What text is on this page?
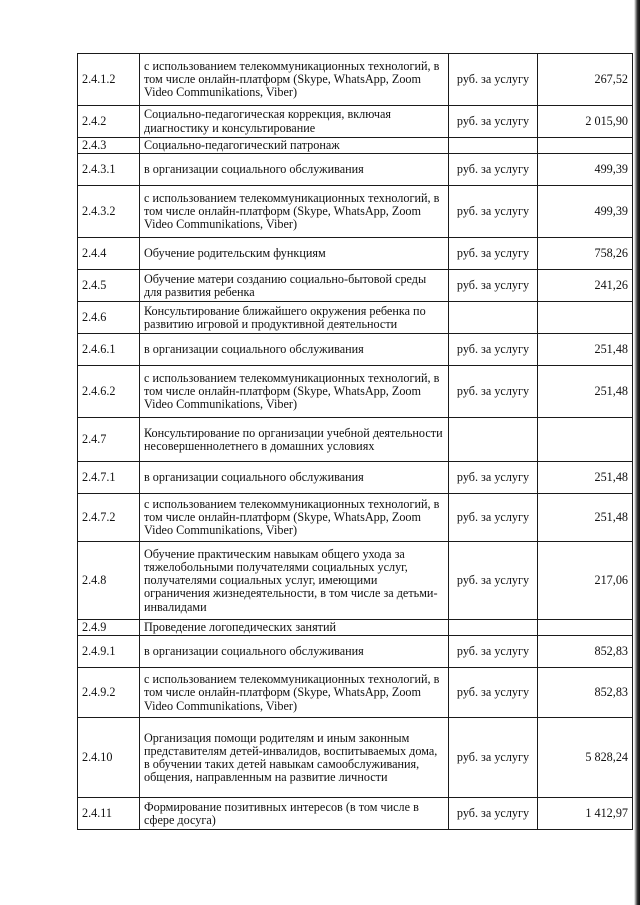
2.4.1.2	с использованием телекоммуникационных технологий, в том числе онлайн-платформ (Skype, WhatsApp, Zoom Video Communikations, Viber)	руб. за услугу	267,52
2.4.2	Социально-педагогическая коррекция, включая диагностику и консультирование	руб. за услугу	2 015,90
2.4.3	Социально-педагогический патронаж		
2.4.3.1	в организации социального обслуживания	руб. за услугу	499,39
2.4.3.2	с использованием телекоммуникационных технологий, в том числе онлайн-платформ (Skype, WhatsApp, Zoom Video Communikations, Viber)	руб. за услугу	499,39
2.4.4	Обучение родительским функциям	руб. за услугу	758,26
2.4.5	Обучение матери созданию социально-бытовой среды для развития ребенка	руб. за услугу	241,26
2.4.6	Консультирование ближайшего окружения ребенка по развитию игровой и продуктивной деятельности		
2.4.6.1	в организации социального обслуживания	руб. за услугу	251,48
2.4.6.2	с использованием телекоммуникационных технологий, в том числе онлайн-платформ (Skype, WhatsApp, Zoom Video Communikations, Viber)	руб. за услугу	251,48
2.4.7	Консультирование по организации учебной деятельности несовершеннолетнего в домашних условиях		
2.4.7.1	в организации социального обслуживания	руб. за услугу	251,48
2.4.7.2	с использованием телекоммуникационных технологий, в том числе онлайн-платформ (Skype, WhatsApp, Zoom Video Communikations, Viber)	руб. за услугу	251,48
2.4.8	Обучение практическим навыкам общего ухода за тяжелобольными получателями социальных услуг, получателями социальных услуг, имеющими ограничения жизнедеятельности, в том числе за детьми-инвалидами	руб. за услугу	217,06
2.4.9	Проведение логопедических занятий		
2.4.9.1	в организации социального обслуживания	руб. за услугу	852,83
2.4.9.2	с использованием телекоммуникационных технологий, в том числе онлайн-платформ (Skype, WhatsApp, Zoom Video Communikations, Viber)	руб. за услугу	852,83
2.4.10	Организация помощи родителям и иным законным представителям детей-инвалидов, воспитываемых дома, в обучении таких детей навыкам самообслуживания, общения, направленным на развитие личности	руб. за услугу	5 828,24
2.4.11	Формирование позитивных интересов (в том числе в сфере досуга)	руб. за услугу	1 412,97
